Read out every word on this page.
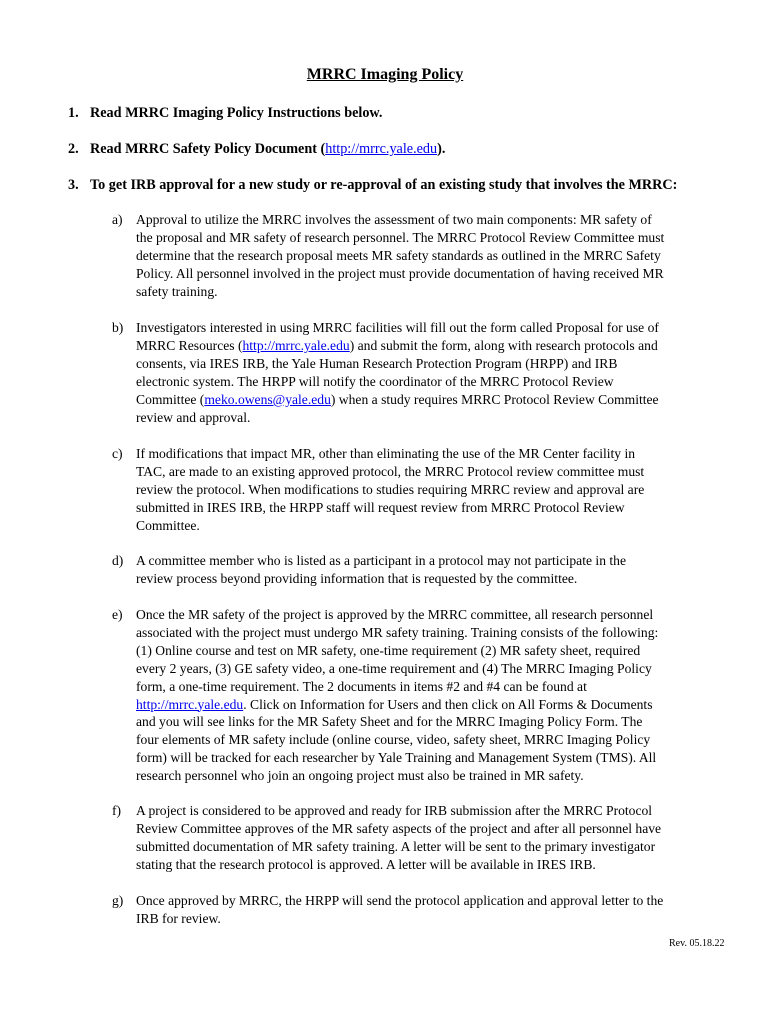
MRRC Imaging Policy
1. Read MRRC Imaging Policy Instructions below.
2. Read MRRC Safety Policy Document (http://mrrc.yale.edu).
3. To get IRB approval for a new study or re-approval of an existing study that involves the MRRC:
a) Approval to utilize the MRRC involves the assessment of two main components: MR safety of
the proposal and MR safety of research personnel. The MRRC Protocol Review Committee must
determine that the research proposal meets MR safety standards as outlined in the MRRC Safety
Policy. All personnel involved in the project must provide documentation of having received MR
safety training.
b) Investigators interested in using MRRC facilities will fill out the form called Proposal for use of
MRRC Resources (http://mrrc.yale.edu) and submit the form, along with research protocols and
consents, via IRES IRB, the Yale Human Research Protection Program (HRPP) and IRB
electronic system. The HRPP will notify the coordinator of the MRRC Protocol Review
Committee (meko.owens@yale.edu) when a study requires MRRC Protocol Review Committee
review and approval.
c) If modifications that impact MR, other than eliminating the use of the MR Center facility in
TAC, are made to an existing approved protocol, the MRRC Protocol review committee must
review the protocol. When modifications to studies requiring MRRC review and approval are
submitted in IRES IRB, the HRPP staff will request review from MRRC Protocol Review
Committee.
d) A committee member who is listed as a participant in a protocol may not participate in the
review process beyond providing information that is requested by the committee.
e) Once the MR safety of the project is approved by the MRRC committee, all research personnel
associated with the project must undergo MR safety training. Training consists of the following:
(1) Online course and test on MR safety, one-time requirement (2) MR safety sheet, required
every 2 years, (3) GE safety video, a one-time requirement and (4) The MRRC Imaging Policy
form, a one-time requirement. The 2 documents in items #2 and #4 can be found at
http://mrrc.yale.edu. Click on Information for Users and then click on All Forms & Documents
and you will see links for the MR Safety Sheet and for the MRRC Imaging Policy Form. The
four elements of MR safety include (online course, video, safety sheet, MRRC Imaging Policy
form) will be tracked for each researcher by Yale Training and Management System (TMS). All
research personnel who join an ongoing project must also be trained in MR safety.
f) A project is considered to be approved and ready for IRB submission after the MRRC Protocol
Review Committee approves of the MR safety aspects of the project and after all personnel have
submitted documentation of MR safety training. A letter will be sent to the primary investigator
stating that the research protocol is approved. A letter will be available in IRES IRB.
g) Once approved by MRRC, the HRPP will send the protocol application and approval letter to the
IRB for review.
Rev. 05.18.22
